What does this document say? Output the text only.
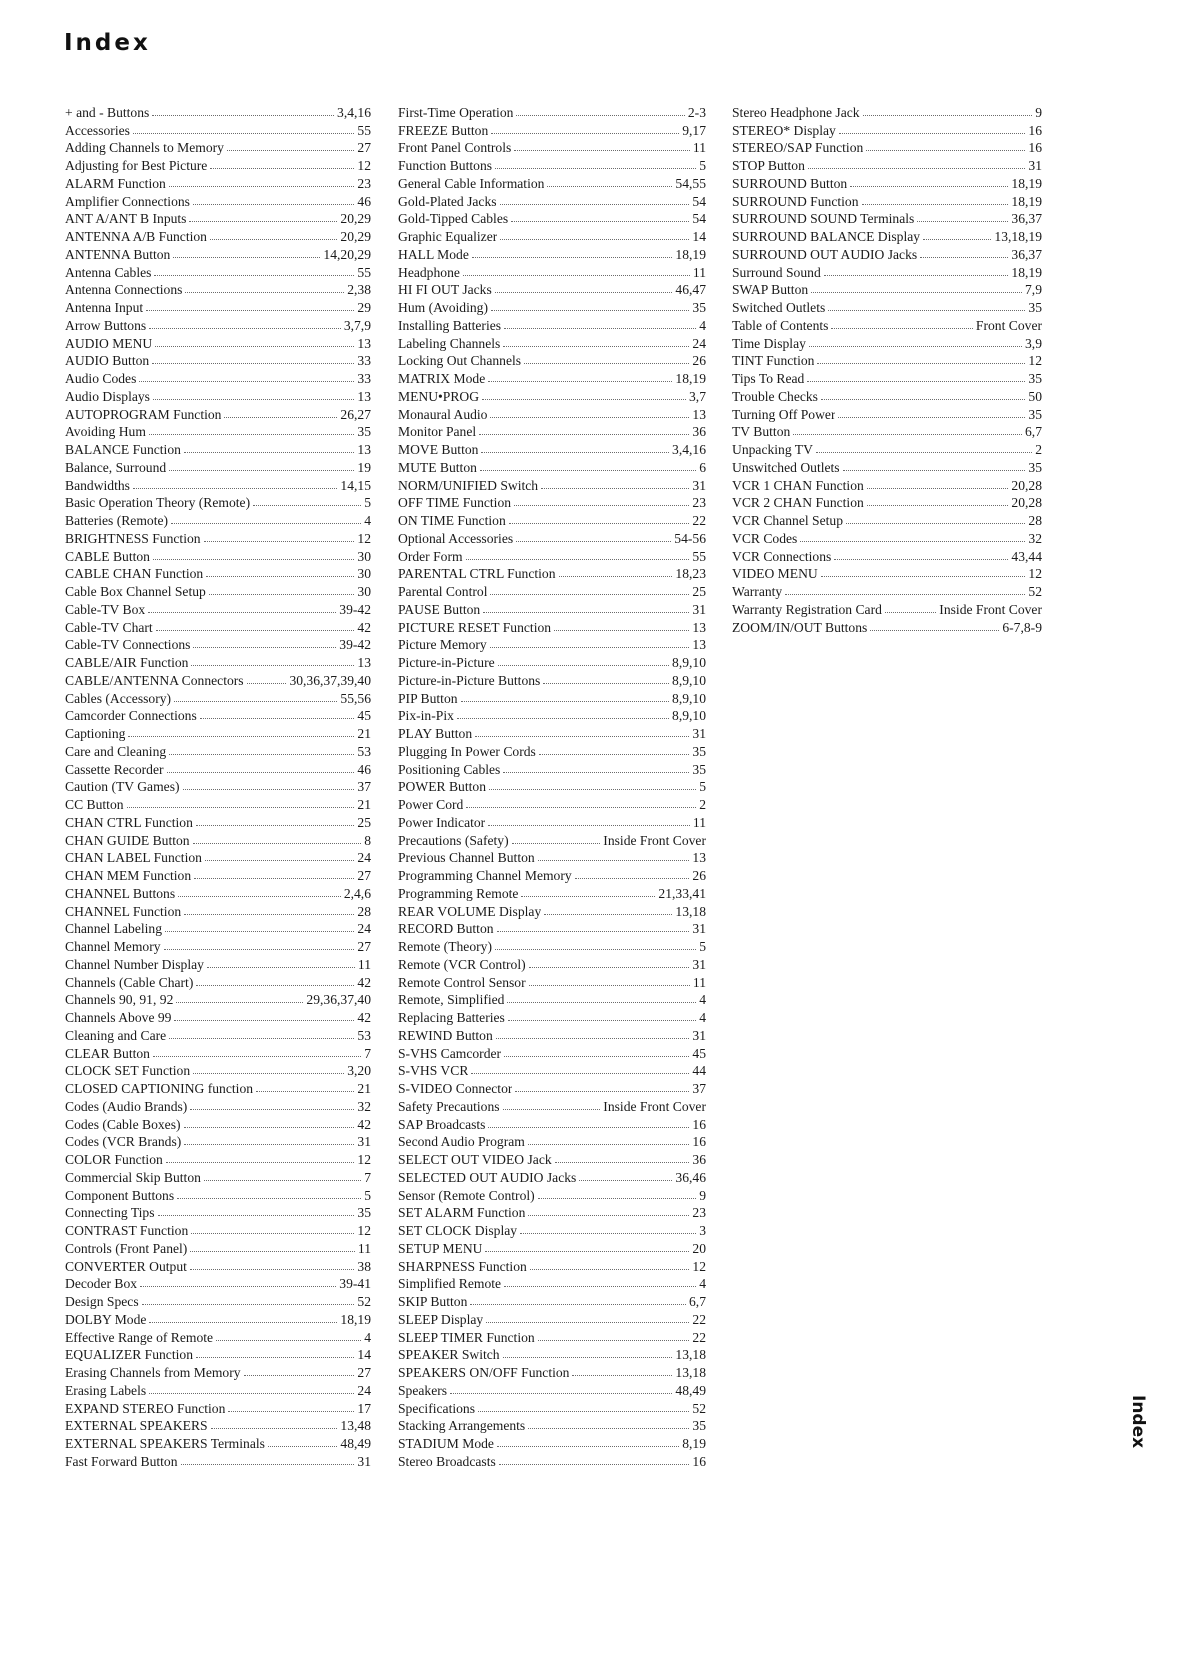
Index
+ and - Buttons	3,4,16
Accessories	55
Adding Channels to Memory	27
Adjusting for Best Picture	12
ALARM Function	23
Amplifier Connections	46
ANT A/ANT B Inputs	20,29
ANTENNA A/B Function	20,29
ANTENNA Button	14,20,29
Antenna Cables	55
Antenna Connections	2,38
Antenna Input	29
Arrow Buttons	3,7,9
AUDIO MENU	13
AUDIO Button	33
Audio Codes	33
Audio Displays	13
AUTOPROGRAM Function	26,27
Avoiding Hum	35
BALANCE Function	13
Balance, Surround	19
Bandwidths	14,15
Basic Operation Theory (Remote)	5
Batteries (Remote)	4
BRIGHTNESS Function	12
CABLE Button	30
CABLE CHAN Function	30
Cable Box Channel Setup	30
Cable-TV Box	39-42
Cable-TV Chart	42
Cable-TV Connections	39-42
CABLE/AIR Function	13
CABLE/ANTENNA Connectors	30,36,37,39,40
Cables (Accessory)	55,56
Camcorder Connections	45
Captioning	21
Care and Cleaning	53
Cassette Recorder	46
Caution (TV Games)	37
CC Button	21
CHAN CTRL Function	25
CHAN GUIDE Button	8
CHAN LABEL Function	24
CHAN MEM Function	27
CHANNEL Buttons	2,4,6
CHANNEL Function	28
Channel Labeling	24
Channel Memory	27
Channel Number Display	11
Channels (Cable Chart)	42
Channels 90, 91, 92	29,36,37,40
Channels Above 99	42
Cleaning and Care	53
CLEAR Button	7
CLOCK SET Function	3,20
CLOSED CAPTIONING function	21
Codes (Audio Brands)	32
Codes (Cable Boxes)	42
Codes (VCR Brands)	31
COLOR Function	12
Commercial Skip Button	7
Component Buttons	5
Connecting Tips	35
CONTRAST Function	12
Controls (Front Panel)	11
CONVERTER Output	38
Decoder Box	39-41
Design Specs	52
DOLBY Mode	18,19
Effective Range of Remote	4
EQUALIZER Function	14
Erasing Channels from Memory	27
Erasing Labels	24
EXPAND STEREO Function	17
EXTERNAL SPEAKERS	13,48
EXTERNAL SPEAKERS Terminals	48,49
Fast Forward Button	31
First-Time Operation	2-3
FREEZE Button	9,17
Front Panel Controls	11
Function Buttons	5
General Cable Information	54,55
Gold-Plated Jacks	54
Gold-Tipped Cables	54
Graphic Equalizer	14
HALL Mode	18,19
Headphone	11
HI FI OUT Jacks	46,47
Hum (Avoiding)	35
Installing Batteries	4
Labeling Channels	24
Locking Out Channels	26
MATRIX Mode	18,19
MENU•PROG	3,7
Monaural Audio	13
Monitor Panel	36
MOVE Button	3,4,16
MUTE Button	6
NORM/UNIFIED Switch	31
OFF TIME Function	23
ON TIME Function	22
Optional Accessories	54-56
Order Form	55
PARENTAL CTRL Function	18,23
Parental Control	25
PAUSE Button	31
PICTURE RESET Function	13
Picture Memory	13
Picture-in-Picture	8,9,10
Picture-in-Picture Buttons	8,9,10
PIP Button	8,9,10
Pix-in-Pix	8,9,10
PLAY Button	31
Plugging In Power Cords	35
Positioning Cables	35
POWER Button	5
Power Cord	2
Power Indicator	11
Precautions (Safety)	Inside Front Cover
Previous Channel Button	13
Programming Channel Memory	26
Programming Remote	21,33,41
REAR VOLUME Display	13,18
RECORD Button	31
Remote (Theory)	5
Remote (VCR Control)	31
Remote Control Sensor	11
Remote, Simplified	4
Replacing Batteries	4
REWIND Button	31
S-VHS Camcorder	45
S-VHS VCR	44
S-VIDEO Connector	37
Safety Precautions	Inside Front Cover
SAP Broadcasts	16
Second Audio Program	16
SELECT OUT VIDEO Jack	36
SELECTED OUT AUDIO Jacks	36,46
Sensor (Remote Control)	9
SET ALARM Function	23
SET CLOCK Display	3
SETUP MENU	20
SHARPNESS Function	12
Simplified Remote	4
SKIP Button	6,7
SLEEP Display	22
SLEEP TIMER Function	22
SPEAKER Switch	13,18
SPEAKERS ON/OFF Function	13,18
Speakers	48,49
Specifications	52
Stacking Arrangements	35
STADIUM Mode	8,19
Stereo Broadcasts	16
Stereo Headphone Jack	9
STEREO* Display	16
STEREO/SAP Function	16
STOP Button	31
SURROUND Button	18,19
SURROUND Function	18,19
SURROUND SOUND Terminals	36,37
SURROUND BALANCE Display	13,18,19
SURROUND OUT AUDIO Jacks	36,37
Surround Sound	18,19
SWAP Button	7,9
Switched Outlets	35
Table of Contents	Front Cover
Time Display	3,9
TINT Function	12
Tips To Read	35
Trouble Checks	50
Turning Off Power	35
TV Button	6,7
Unpacking TV	2
Unswitched Outlets	35
VCR 1 CHAN Function	20,28
VCR 2 CHAN Function	20,28
VCR Channel Setup	28
VCR Codes	32
VCR Connections	43,44
VIDEO MENU	12
Warranty	52
Warranty Registration Card	Inside Front Cover
ZOOM/IN/OUT Buttons	6-7,8-9
Index
